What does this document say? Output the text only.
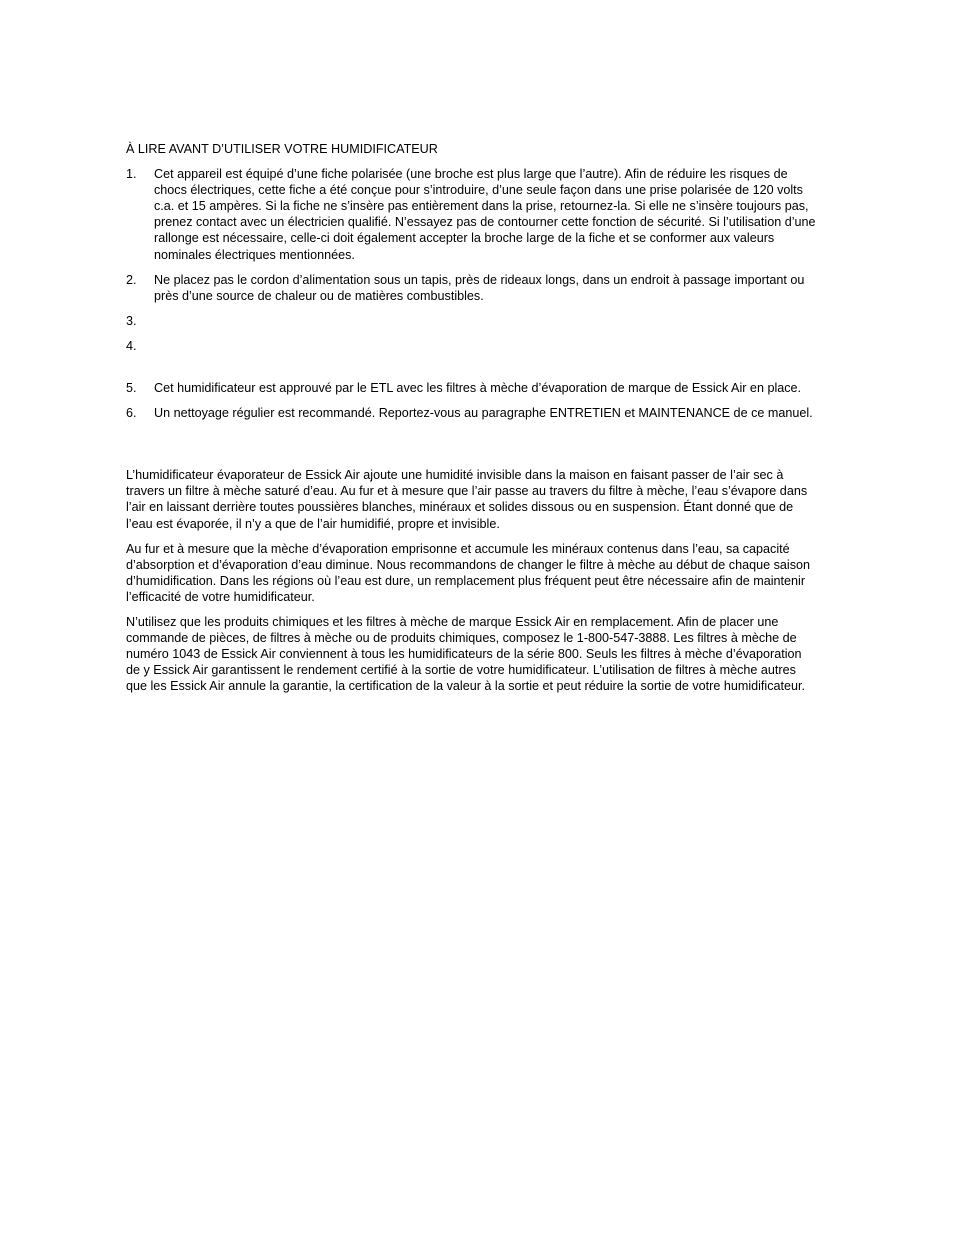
À LIRE AVANT D’UTILISER VOTRE HUMIDIFICATEUR
1.	Cet appareil est équipé d’une fiche polarisée (une broche est plus large que l’autre). Afin de réduire les risques de chocs électriques, cette fiche a été conçue pour s’introduire, d’une seule façon dans une prise polarisée de 120 volts c.a. et 15 ampères. Si la fiche ne s’insère pas entièrement dans la prise, retournez-la. Si elle ne s’insère toujours pas, prenez contact avec un électricien qualifié. N’essayez pas de contourner cette fonction de sécurité. Si l’utilisation d’une rallonge est nécessaire, celle-ci doit également accepter la broche large de la fiche et se conformer aux valeurs nominales électriques mentionnées.
2.	Ne placez pas le cordon d’alimentation sous un tapis, près de rideaux longs, dans un endroit à passage important ou près d’une source de chaleur ou de matières combustibles.
3.
4.
5.	Cet humidificateur est approuvé par le ETL avec les filtres à mèche d’évaporation de marque de Essick Air en place.
6.	Un nettoyage régulier est recommandé. Reportez-vous au paragraphe ENTRETIEN et MAINTENANCE de ce manuel.

L’humidificateur évaporateur de Essick Air ajoute une humidité invisible dans la maison en faisant passer de l’air sec à travers un filtre à mèche saturé d’eau. Au fur et à mesure que l’air passe au travers du filtre à mèche, l’eau s’évapore dans l’air en laissant derrière toutes poussières blanches, minéraux et solides dissous ou en suspension. Étant donné que de l’eau est évaporée, il n’y a que de l’air humidifié, propre et invisible.

Au fur et à mesure que la mèche d’évaporation emprisonne et accumule les minéraux contenus dans l’eau, sa capacité d’absorption et d’évaporation d’eau diminue. Nous recommandons de changer le filtre à mèche au début de chaque saison d’humidification. Dans les régions où l’eau est dure, un remplacement plus fréquent peut être nécessaire afin de maintenir l’efficacité de votre humidificateur.

N’utilisez que les produits chimiques et les filtres à mèche de marque Essick Air en remplacement. Afin de placer une commande de pièces, de filtres à mèche ou de produits chimiques, composez le 1-800-547-3888. Les filtres à mèche de numéro 1043 de Essick Air conviennent à tous les humidificateurs de la série 800. Seuls les filtres à mèche d’évaporation de y Essick Air garantissent le rendement certifié à la sortie de votre humidificateur. L’utilisation de filtres à mèche autres que les Essick Air annule la garantie, la certification de la valeur à la sortie et peut réduire la sortie de votre humidificateur.
